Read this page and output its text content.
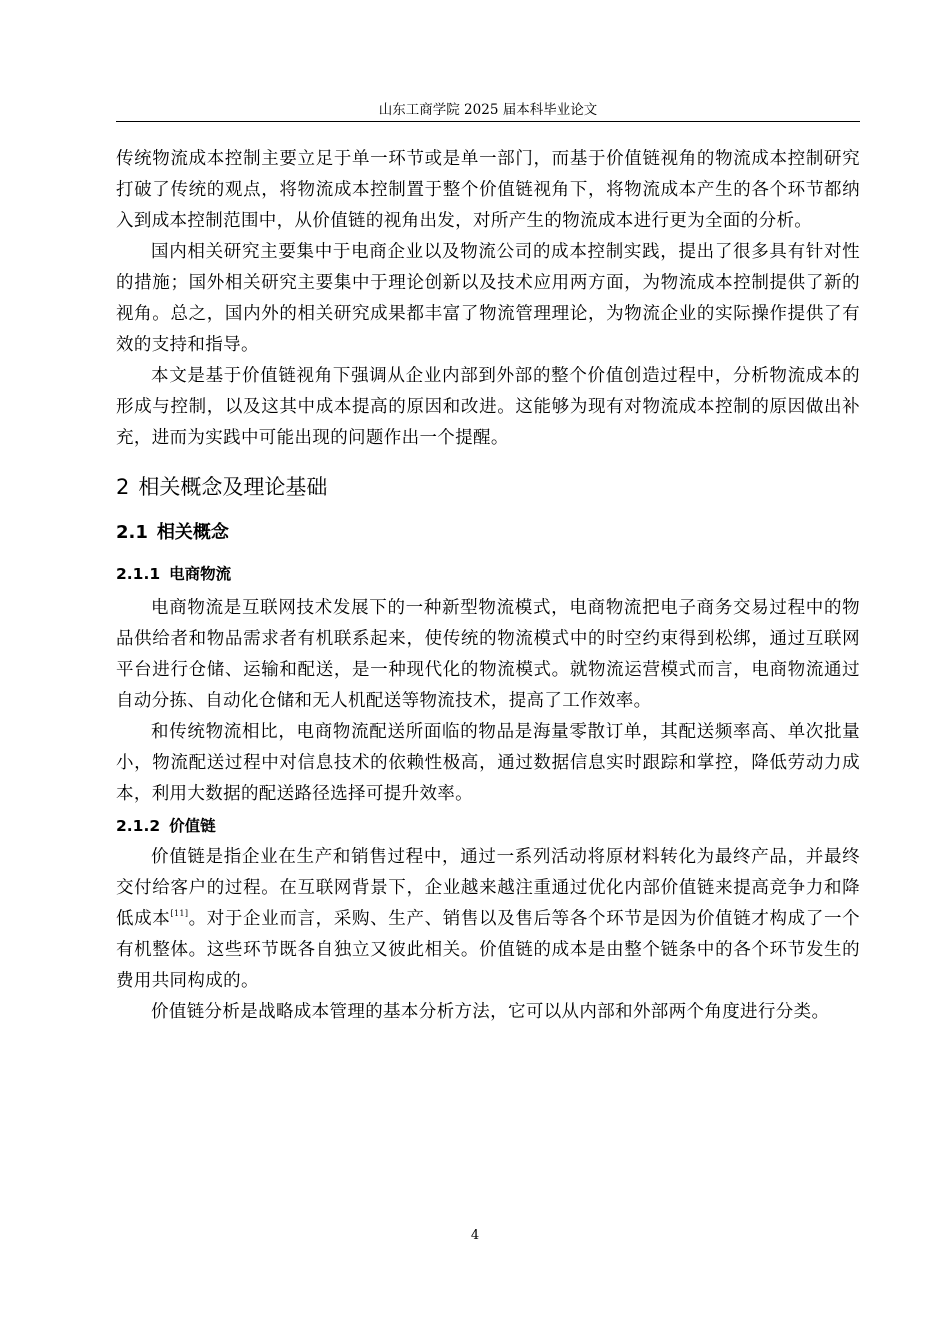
山东工商学院 2025 届本科毕业论文

传统物流成本控制主要立足于单一环节或是单一部门，而基于价值链视角的物流成本控制研究打破了传统的观点，将物流成本控制置于整个价值链视角下，将物流成本产生的各个环节都纳入到成本控制范围中，从价值链的视角出发，对所产生的物流成本进行更为全面的分析。

国内相关研究主要集中于电商企业以及物流公司的成本控制实践，提出了很多具有针对性的措施；国外相关研究主要集中于理论创新以及技术应用两方面，为物流成本控制提供了新的视角。总之，国内外的相关研究成果都丰富了物流管理理论，为物流企业的实际操作提供了有效的支持和指导。

本文是基于价值链视角下强调从企业内部到外部的整个价值创造过程中，分析物流成本的形成与控制，以及这其中成本提高的原因和改进。这能够为现有对物流成本控制的原因做出补充，进而为实践中可能出现的问题作出一个提醒。

2 相关概念及理论基础
2.1 相关概念
2.1.1 电商物流

电商物流是互联网技术发展下的一种新型物流模式，电商物流把电子商务交易过程中的物品供给者和物品需求者有机联系起来，使传统的物流模式中的时空约束得到松绑，通过互联网平台进行仓储、运输和配送，是一种现代化的物流模式。就物流运营模式而言，电商物流通过自动分拣、自动化仓储和无人机配送等物流技术，提高了工作效率。

和传统物流相比，电商物流配送所面临的物品是海量零散订单，其配送频率高、单次批量小，物流配送过程中对信息技术的依赖性极高，通过数据信息实时跟踪和掌控，降低劳动力成本，利用大数据的配送路径选择可提升效率。

2.1.2 价值链

价值链是指企业在生产和销售过程中，通过一系列活动将原材料转化为最终产品，并最终交付给客户的过程。在互联网背景下，企业越来越注重通过优化内部价值链来提高竞争力和降低成本[11]。对于企业而言，采购、生产、销售以及售后等各个环节是因为价值链才构成了一个有机整体。这些环节既各自独立又彼此相关。价值链的成本是由整个链条中的各个环节发生的费用共同构成的。

价值链分析是战略成本管理的基本分析方法，它可以从内部和外部两个角度进行分类。

4
